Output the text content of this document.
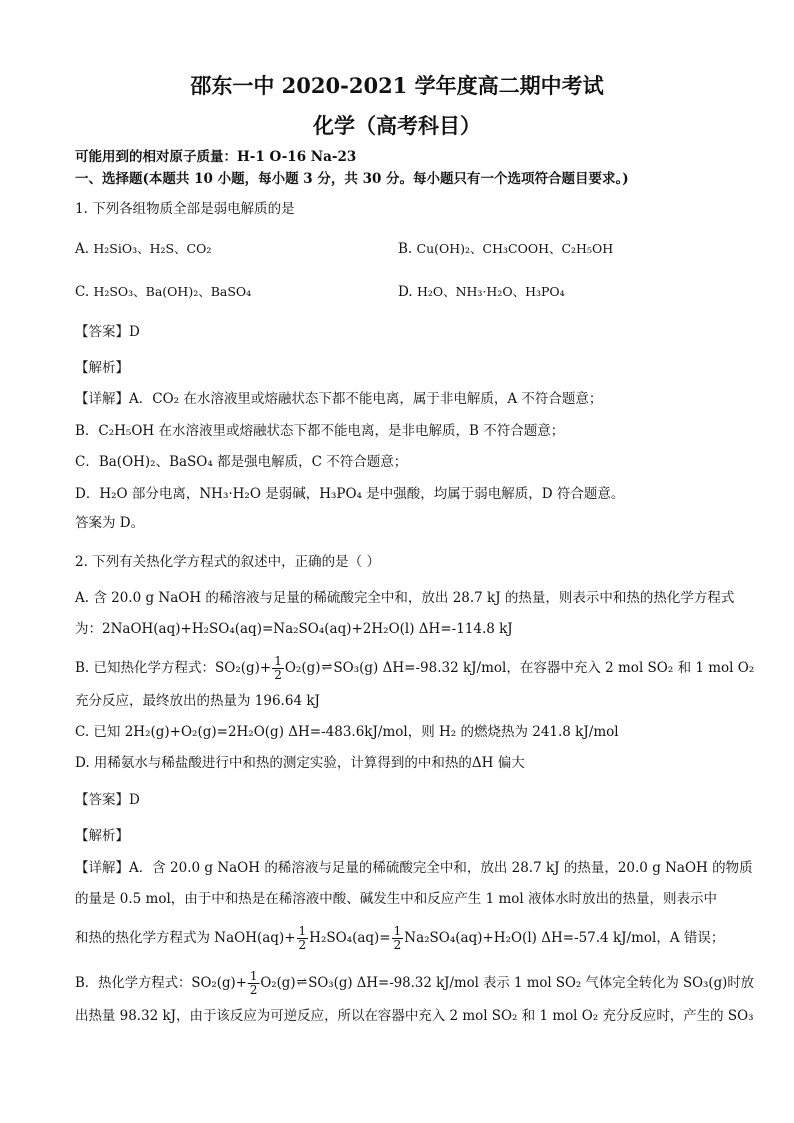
邵东一中 2020-2021 学年度高二期中考试
化学（高考科目）
可能用到的相对原子质量：H-1 O-16 Na-23
一、选择题(本题共 10 小题，每小题 3 分，共 30 分。每小题只有一个选项符合题目要求。)
1. 下列各组物质全部是弱电解质的是
A. H₂SiO₃、H₂S、CO₂	B. Cu(OH)₂、CH₃COOH、C₂H₅OH
C. H₂SO₃、Ba(OH)₂、BaSO₄	D. H₂O、NH₃·H₂O、H₃PO₄
【答案】D
【解析】
【详解】A．CO₂ 在水溶液里或熔融状态下都不能电离，属于非电解质，A 不符合题意；
B．C₂H₅OH 在水溶液里或熔融状态下都不能电离，是非电解质，B 不符合题意；
C．Ba(OH)₂、BaSO₄ 都是强电解质，C 不符合题意；
D．H₂O 部分电离，NH₃·H₂O 是弱碱，H₃PO₄ 是中强酸，均属于弱电解质，D 符合题意。
答案为 D。
2. 下列有关热化学方程式的叙述中，正确的是（ ）
A. 含 20.0 g NaOH 的稀溶液与足量的稀硫酸完全中和，放出 28.7 kJ 的热量，则表示中和热的热化学方程式
为：2NaOH(aq)+H₂SO₄(aq)=Na₂SO₄(aq)+2H₂O(l) ΔH=-114.8 kJ
B. 已知热化学方程式：$SO_2(g)+ \frac{1}{2}$ O₂(g)⇌SO₃(g) ΔH=-98.32 kJ/mol，在容器中充入 2 mol SO₂ 和 1 mol O₂
充分反应，最终放出的热量为 196.64 kJ
C. 已知 2H₂(g)+O₂(g)=2H₂O(g) ΔH=-483.6kJ/mol，则 H₂ 的燃烧热为 241.8 kJ/mol
D. 用稀氨水与稀盐酸进行中和热的测定实验，计算得到的中和热的ΔH 偏大
【答案】D
【解析】
【详解】A．含 20.0 g NaOH 的稀溶液与足量的稀硫酸完全中和，放出 28.7 kJ 的热量，20.0 g NaOH 的物质
的量是 0.5 mol，由于中和热是在稀溶液中酸、碱发生中和反应产生 1 mol 液体水时放出的热量，则表示中
和热的热化学方程式为 NaOH(aq)+ $\frac{1}{2} H_2SO_4(aq)= \frac{1}{2} Na_2SO_4(aq)+H_2O(l)$ ΔH=-57.4 kJ/mol，A 错误；
B．热化学方程式：$SO_2(g)+ \frac{1}{2}$ O₂(g)⇌SO₃(g) ΔH=-98.32 kJ/mol 表示 1 mol SO₂ 气体完全转化为 SO₃(g)时放
出热量 98.32 kJ，由于该反应为可逆反应，所以在容器中充入 2 mol SO₂ 和 1 mol O₂ 充分反应时，产生的 SO₃
